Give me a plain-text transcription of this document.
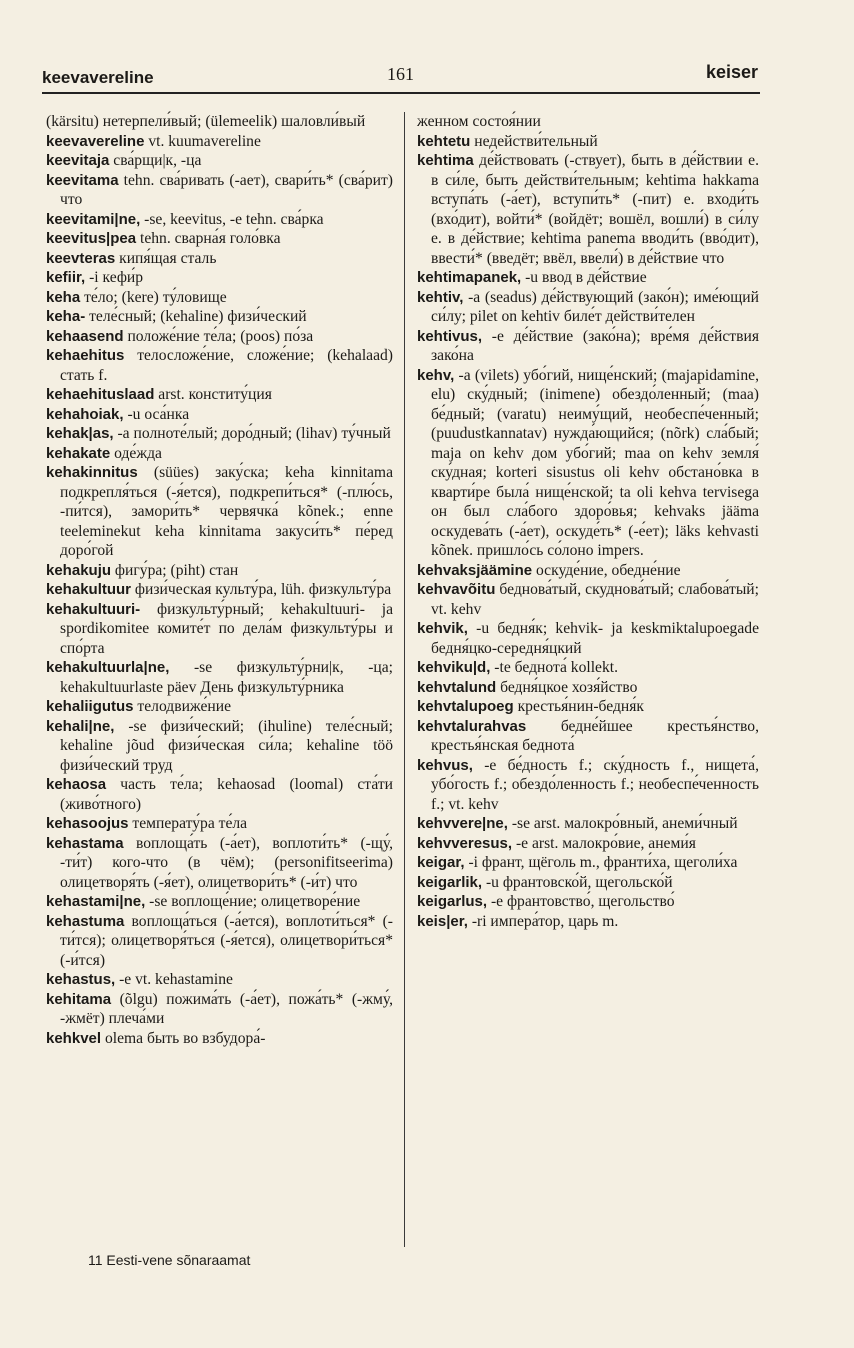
keevavereline	161	keiser

(kärsitu) нетерпели́вый; (ülemeelik) шаловли́вый

keevavereline vt. kuumavereline

keevitaja сва́рщи|к, -ца

keevitama tehn. сва́ривать (-ает), свари́ть* (сва́рит) что

keevitami|ne, -se, keevitus, -e tehn. сва́рка

keevitus|pea tehn. сварна́я голо́вка

keevteras кипя́щая сталь

kefiir, -i кефи́р

keha те́ло; (kere) ту́ловище

keha- теле́сный; (kehaline) физи́ческий

kehaasend положе́ние те́ла; (poos) по́за

kehaehitus телосложе́ние, сложе́ние; (kehalaad) стать f.

kehaehituslaad arst. конститу́ция

kehahoiak, -u оса́нка

kehak|as, -a полноте́лый; доро́дный; (lihav) ту́чный

kehakate оде́жда

kehakinnitus (süües) заку́ска; keha kinnitama подкрепля́ться (-я́ется), подкрепи́ться* (-плю́сь, -пи́тся), замори́ть* червячка́ kõnek.; enne teeleminekut keha kinnitama закуси́ть* пе́ред доро́гой

kehakuju фигу́ра; (piht) стан

kehakultuur физи́ческая культу́ра, lüh. физкульту́ра

kehakultuuri- физкульту́рный; kehakultuuri- ja spordikomitee комите́т по дела́м физкульту́ры и спо́рта

kehakultuurla|ne, -se физкульту́рни|к, -ца; kehakultuurlaste päev День физкульту́рника

kehaliigutus телодвиже́ние

kehali|ne, -se физи́ческий; (ihuline) теле́сный; kehaline jõud физи́ческая си́ла; kehaline töö физи́ческий труд

kehaosa часть те́ла; kehaosad (loomal) ста́ти (живо́тного)

kehasoojus температу́ра те́ла

kehastama воплоща́ть (-а́ет), воплоти́ть* (-щу́, -ти́т) кого-что (в чём); (personifitseerima) олицетворя́ть (-я́ет), олицетвори́ть* (-и́т) что

kehastami|ne, -se воплоще́ние; олицетворе́ние

kehastuma воплоща́ться (-а́ется), воплоти́ться* (-ти́тся); олицетворя́ться (-я́ется), олицетвори́ться* (-и́тся)

kehastus, -e vt. kehastamine

kehitama (õlgu) пожима́ть (-а́ет), пожа́ть* (-жму́, -жмёт) плеча́ми

kehkvel olema быть во взбудора́-

женном состоя́нии

kehtetu недействи́тельный

kehtima де́йствовать (-ствует), быть в де́йствии e. в си́ле, быть действи́тельным; kehtima hakkama вступа́ть (-а́ет), вступи́ть* (-пит) e. входи́ть (вхо́дит), войти́* (войдёт; вошёл, вошли́) в си́лу e. в де́йствие; kehtima panema вводи́ть (вво́дит), ввести́* (введёт; ввёл, ввели́) в де́йствие что

kehtimapanek, -u ввод в де́йствие

kehtiv, -a (seadus) де́йствующий (зако́н); име́ющий си́лу; pilet on kehtiv биле́т действи́телен

kehtivus, -e де́йствие (зако́на); вре́мя де́йствия зако́на

kehv, -a (vilets) убо́гий, нище́нский; (majapidamine, elu) ску́дный; (inimene) обездо́ленный; (maa) бе́дный; (varatu) неиму́щий, необеспе́ченный; (puudustkannatav) нужда́ющийся; (nõrk) сла́бый; maja on kehv дом убо́гий; maa on kehv земля́ ску́дная; korteri sisustus oli kehv обстано́вка в кварти́ре была́ нище́нской; ta oli kehva tervisega он был сла́бого здоро́вья; kehvaks jääma оскудева́ть (-а́ет), оскуде́ть* (-е́ет); läks kehvasti kõnek. пришло́сь со́лоно impers.

kehvaksjäämine оскуде́ние, обедне́ние

kehvavõitu беднова́тый, скуднова́тый; слабова́тый; vt. kehv

kehvik, -u бедня́к; kehvik- ja keskmiktalupoegade бедня́цко-середня́цкий

kehviku|d, -te беднота́ kollekt.

kehvtalund бедня́цкое хозя́йство

kehvtalupoeg крестья́нин-бедня́к

kehvtalurahvas бедне́йшее крестья́нство, крестья́нская беднота́

kehvus, -e бе́дность f.; ску́дность f., нищета́, убо́гость f.; обездо́ленность f.; необеспе́ченность f.; vt. kehv

kehvvere|ne, -se arst. малокро́вный, анеми́чный

kehvveresus, -e arst. малокро́вие, анеми́я

keigar, -i франт, щёголь m., франти́ха, щеголи́ха

keigarlik, -u франтовско́й, щегольско́й

keigarlus, -e франтовство́, щегольство́

keis|er, -ri импера́тор, царь m.

11 Eesti-vene sõnaraamat
